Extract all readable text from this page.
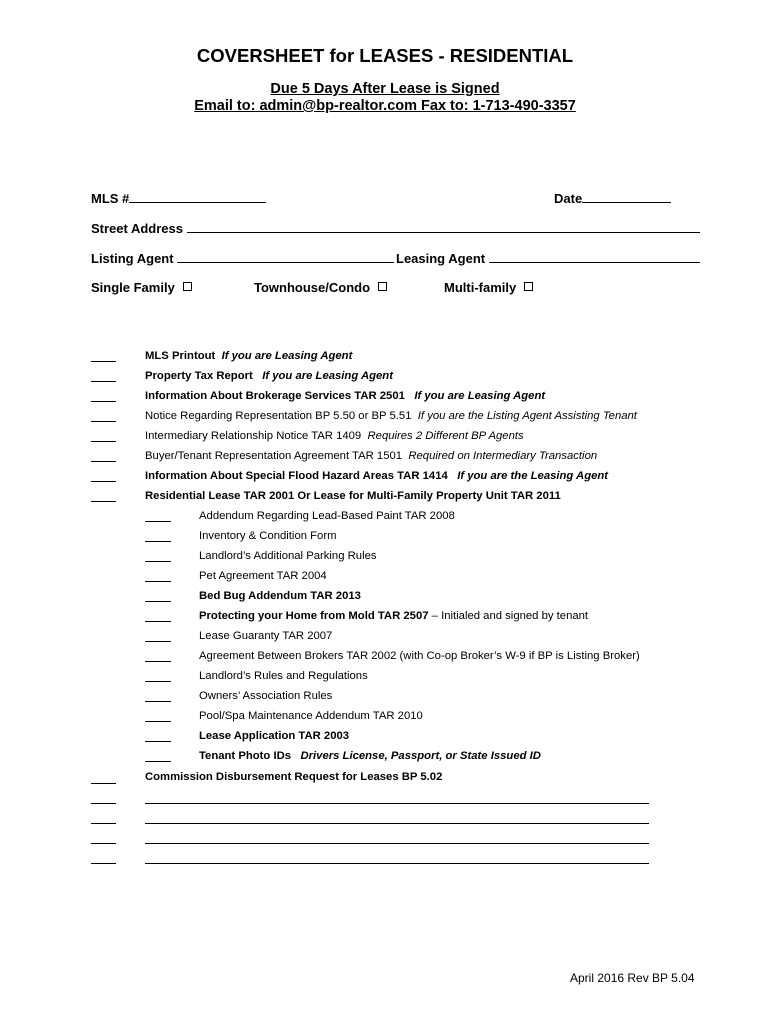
COVERSHEET for LEASES - RESIDENTIAL
Due 5 Days After Lease is Signed
Email to: admin@bp-realtor.com Fax to: 1-713-490-3357
MLS #	Date
Street Address
Listing Agent	Leasing Agent
Single Family	Townhouse/Condo	Multi-family
MLS Printout If you are Leasing Agent
Property Tax Report If you are Leasing Agent
Information About Brokerage Services TAR 2501 If you are Leasing Agent
Notice Regarding Representation BP 5.50 or BP 5.51 If you are the Listing Agent Assisting Tenant
Intermediary Relationship Notice TAR 1409 Requires 2 Different BP Agents
Buyer/Tenant Representation Agreement TAR 1501 Required on Intermediary Transaction
Information About Special Flood Hazard Areas TAR 1414 If you are the Leasing Agent
Residential Lease TAR 2001 Or Lease for Multi-Family Property Unit TAR 2011
Addendum Regarding Lead-Based Paint TAR 2008
Inventory & Condition Form
Landlord’s Additional Parking Rules
Pet Agreement TAR 2004
Bed Bug Addendum TAR 2013
Protecting your Home from Mold TAR 2507 – Initialed and signed by tenant
Lease Guaranty TAR 2007
Agreement Between Brokers TAR 2002 (with Co-op Broker’s W-9 if BP is Listing Broker)
Landlord’s Rules and Regulations
Owners’ Association Rules
Pool/Spa Maintenance Addendum TAR 2010
Lease Application TAR 2003
Tenant Photo IDs Drivers License, Passport, or State Issued ID
Commission Disbursement Request for Leases BP 5.02
April 2016 Rev BP 5.04
